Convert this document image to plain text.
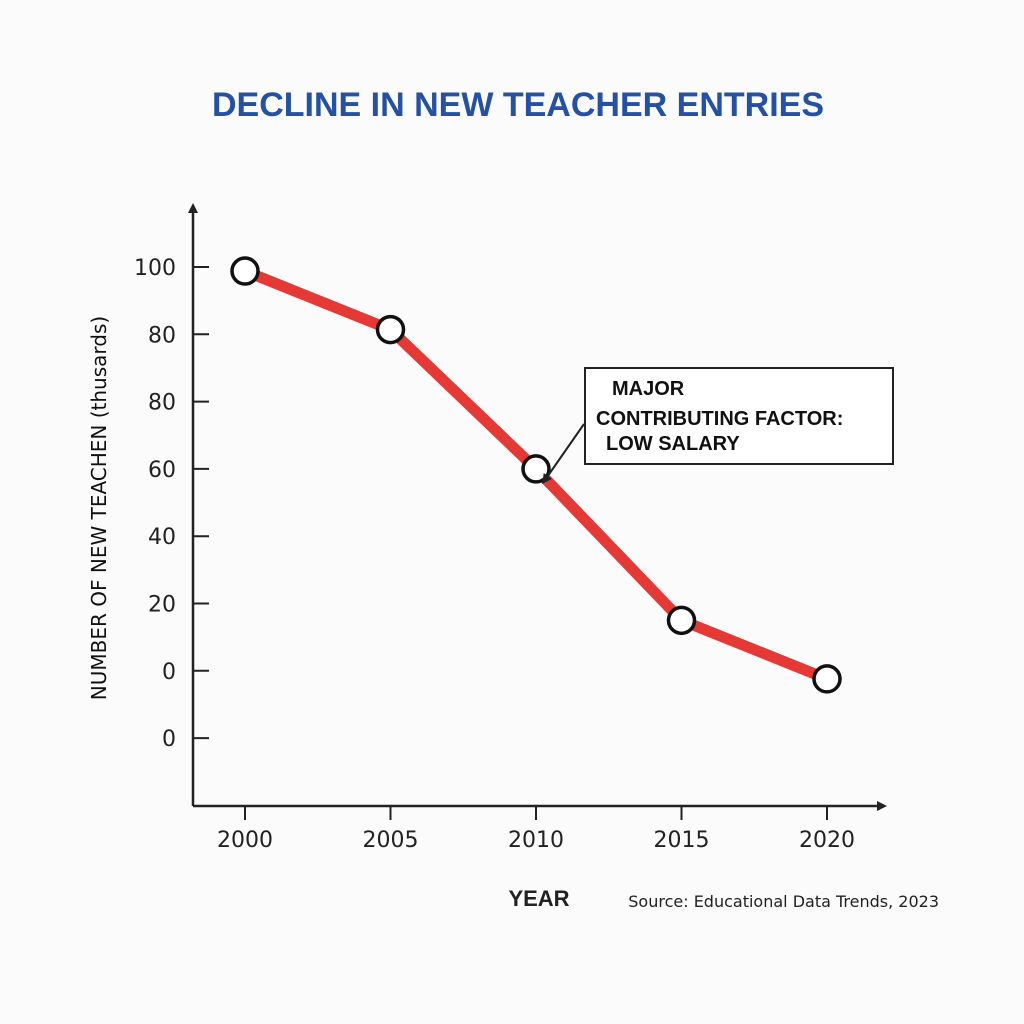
DECLINE IN NEW TEACHER ENTRIES
100
80
80
60
40
20
0
0
2000	2005	2010	2015	2020
NUMBER OF NEW TEACHEN (thusards)
YEAR
MAJOR
CONTRIBUTING FACTOR:
LOW SALARY
Source: Educational Data Trends, 2023
